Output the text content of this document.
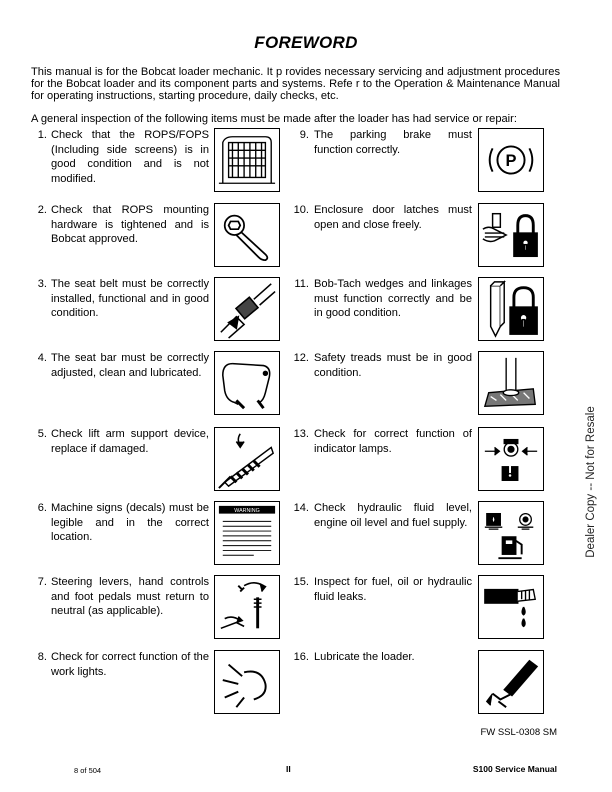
FOREWORD
This manual is for the Bobcat loader mechanic. It p rovides necessary servicing and adjustment procedures for the Bobcat loader and its component parts and systems. Refe r to the Operation & Maintenance Manual for operating instructions, starting procedure, daily checks, etc.
A general inspection of the following items must be made after the loader has had service or repair:
1. Check that the ROPS/FOPS (Including side screens) is in good condition and is not modified.
2. Check that ROPS mounting hardware is tightened and is Bobcat approved.
3. The seat belt must be correctly installed, functional and in good condition.
4. The seat bar must be correctly adjusted, clean and lubricated.
5. Check lift arm support device, replace if damaged.
6. Machine signs (decals) must be legible and in the correct location.
7. Steering levers, hand controls and foot pedals must return to neutral (as applicable).
8. Check for correct function of the work lights.
9. The parking brake must function correctly.
10. Enclosure door latches must open and close freely.
11. Bob-Tach wedges and linkages must function correctly and be in good condition.
12. Safety treads must be in good condition.
13. Check for correct function of indicator lamps.
14. Check hydraulic fluid level, engine oil level and fuel supply.
15. Inspect for fuel, oil or hydraulic fluid leaks.
16. Lubricate the loader.
WARNING
P
Dealer Copy -- Not for Resale
FW SSL-0308 SM
8 of 504	II	S100 Service Manual
